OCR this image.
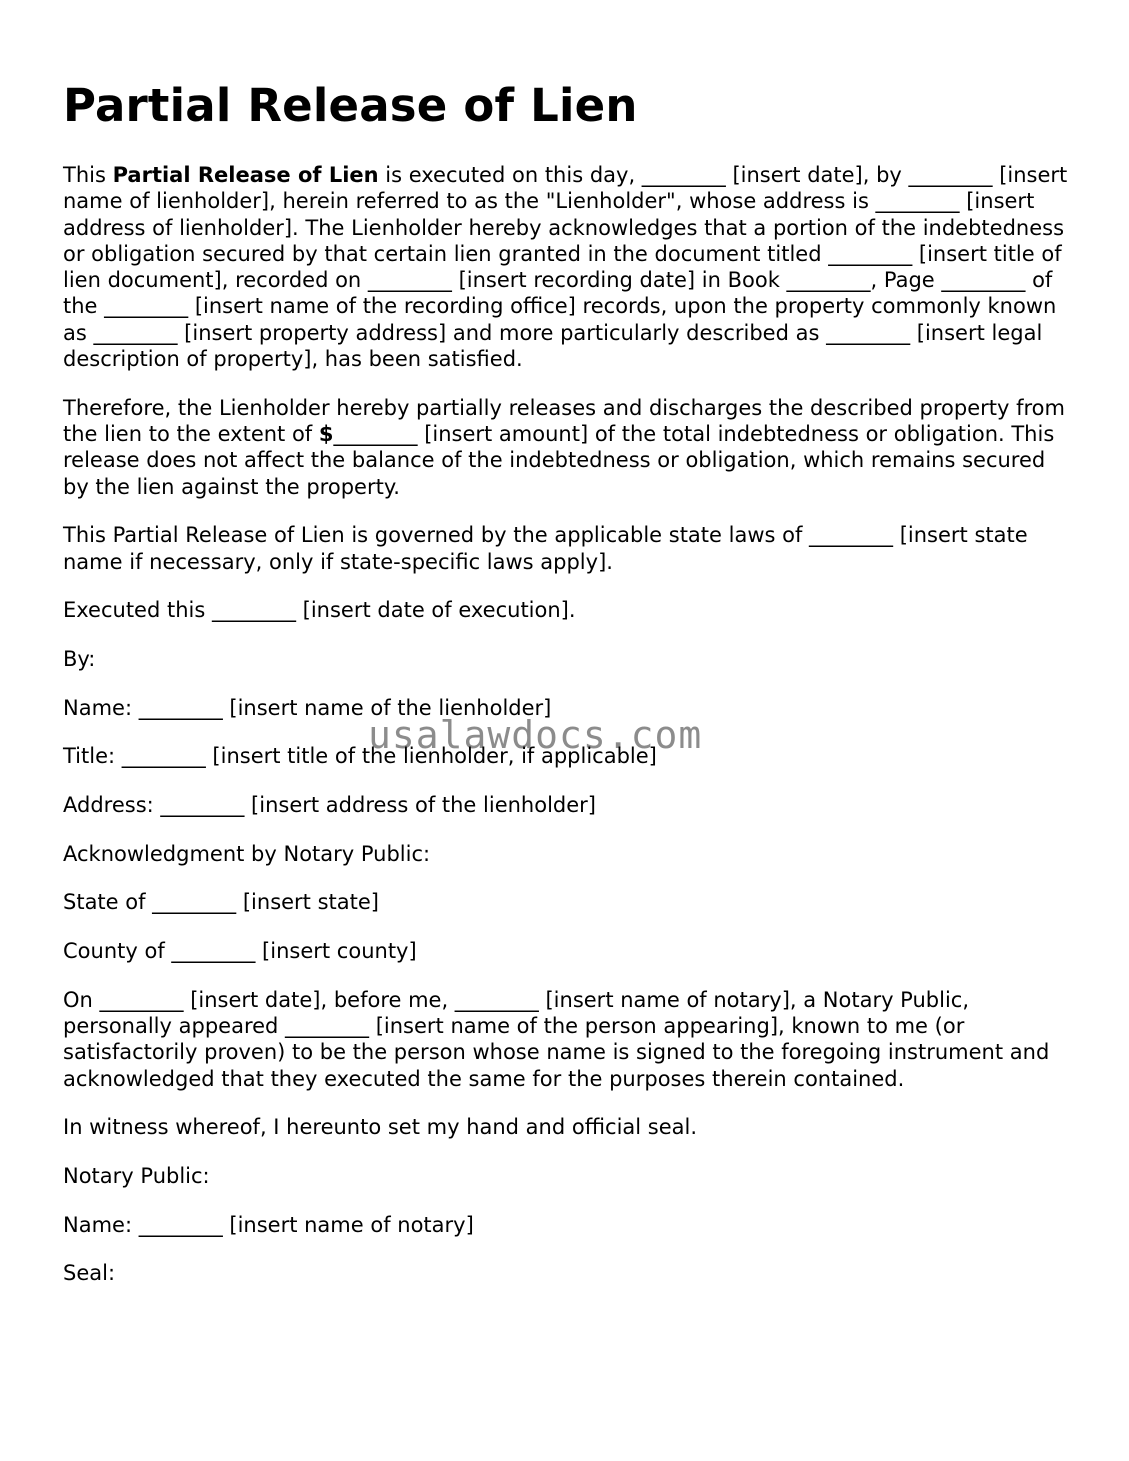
Partial Release of Lien

This Partial Release of Lien is executed on this day, ________ [insert date], by ________ [insert name of lienholder], herein referred to as the "Lienholder", whose address is ________ [insert address of lienholder]. The Lienholder hereby acknowledges that a portion of the indebtedness or obligation secured by that certain lien granted in the document titled ________ [insert title of lien document], recorded on ________ [insert recording date] in Book ________, Page ________ of the ________ [insert name of the recording office] records, upon the property commonly known as ________ [insert property address] and more particularly described as ________ [insert legal description of property], has been satisfied.

Therefore, the Lienholder hereby partially releases and discharges the described property from the lien to the extent of $________ [insert amount] of the total indebtedness or obligation. This release does not affect the balance of the indebtedness or obligation, which remains secured by the lien against the property.

This Partial Release of Lien is governed by the applicable state laws of ________ [insert state name if necessary, only if state-specific laws apply].

Executed this ________ [insert date of execution].

By:

Name: ________ [insert name of the lienholder]

Title: ________ [insert title of the lienholder, if applicable]

Address: ________ [insert address of the lienholder]

Acknowledgment by Notary Public:

State of ________ [insert state]

County of ________ [insert county]

On ________ [insert date], before me, ________ [insert name of notary], a Notary Public, personally appeared ________ [insert name of the person appearing], known to me (or satisfactorily proven) to be the person whose name is signed to the foregoing instrument and acknowledged that they executed the same for the purposes therein contained.

In witness whereof, I hereunto set my hand and official seal.

Notary Public:

Name: ________ [insert name of notary]

Seal:

usalawdocs.com
